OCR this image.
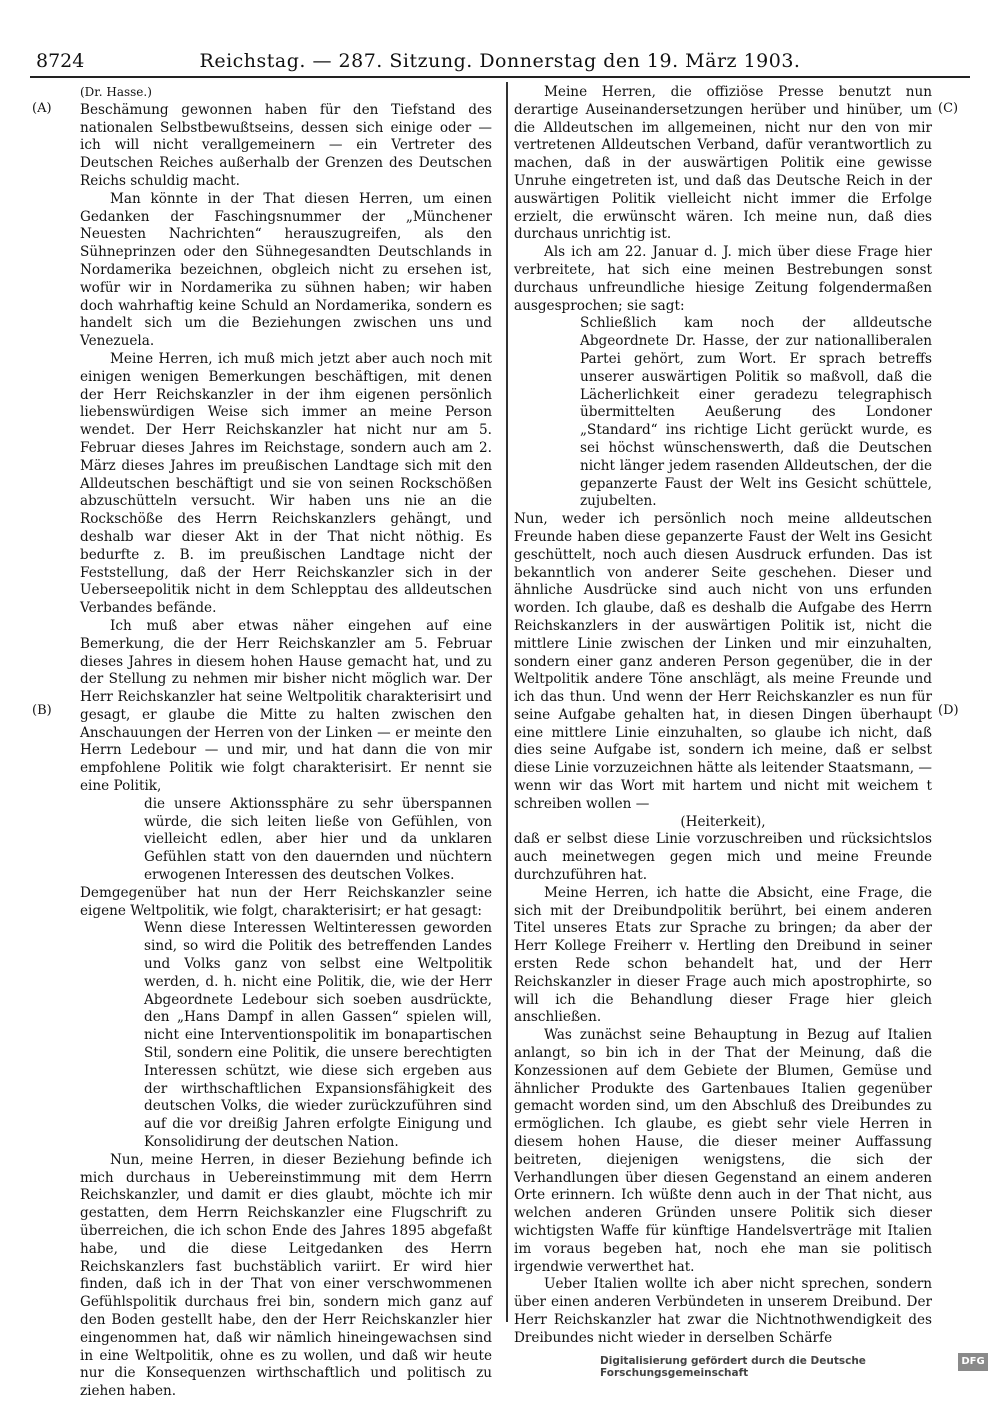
8724	Reichstag. — 287. Sitzung. Donnerstag den 19. März 1903.
(A)
(B)
(C)
(D)

(Dr. Hasse.)

Beschämung gewonnen haben für den Tiefstand des nationalen Selbstbewußtseins, dessen sich einige oder — ich will nicht verallgemeinern — ein Vertreter des Deutschen Reiches außerhalb der Grenzen des Deutschen Reichs schuldig macht.

Man könnte in der That diesen Herren, um einen Gedanken der Faschingsnummer der „Münchener Neuesten Nachrichten“ herauszugreifen, als den Sühneprinzen oder den Sühnegesandten Deutschlands in Nordamerika bezeichnen, obgleich nicht zu ersehen ist, wofür wir in Nordamerika zu sühnen haben; wir haben doch wahrhaftig keine Schuld an Nordamerika, sondern es handelt sich um die Beziehungen zwischen uns und Venezuela.

Meine Herren, ich muß mich jetzt aber auch noch mit einigen wenigen Bemerkungen beschäftigen, mit denen der Herr Reichskanzler in der ihm eigenen persönlich liebenswürdigen Weise sich immer an meine Person wendet. Der Herr Reichskanzler hat nicht nur am 5. Februar dieses Jahres im Reichstage, sondern auch am 2. März dieses Jahres im preußischen Landtage sich mit den Alldeutschen beschäftigt und sie von seinen Rockschößen abzuschütteln versucht. Wir haben uns nie an die Rockschöße des Herrn Reichskanzlers gehängt, und deshalb war dieser Akt in der That nicht nöthig. Es bedurfte z. B. im preußischen Landtage nicht der Feststellung, daß der Herr Reichskanzler sich in der Ueberseepolitik nicht in dem Schlepptau des alldeutschen Verbandes befände.

Ich muß aber etwas näher eingehen auf eine Bemerkung, die der Herr Reichskanzler am 5. Februar dieses Jahres in diesem hohen Hause gemacht hat, und zu der Stellung zu nehmen mir bisher nicht möglich war. Der Herr Reichskanzler hat seine Weltpolitik charakterisirt und gesagt, er glaube die Mitte zu halten zwischen den Anschauungen der Herren von der Linken — er meinte den Herrn Ledebour — und mir, und hat dann die von mir empfohlene Politik wie folgt charakterisirt. Er nennt sie eine Politik,

die unsere Aktionssphäre zu sehr überspannen würde, die sich leiten ließe von Gefühlen, von vielleicht edlen, aber hier und da unklaren Gefühlen statt von den dauernden und nüchtern erwogenen Interessen des deutschen Volkes.

Demgegenüber hat nun der Herr Reichskanzler seine eigene Weltpolitik, wie folgt, charakterisirt; er hat gesagt:

Wenn diese Interessen Weltinteressen geworden sind, so wird die Politik des betreffenden Landes und Volks ganz von selbst eine Weltpolitik werden, d. h. nicht eine Politik, die, wie der Herr Abgeordnete Ledebour sich soeben ausdrückte, den „Hans Dampf in allen Gassen“ spielen will, nicht eine Interventionspolitik im bonapartischen Stil, sondern eine Politik, die unsere berechtigten Interessen schützt, wie diese sich ergeben aus der wirthschaftlichen Expansionsfähigkeit des deutschen Volks, die wieder zurückzuführen sind auf die vor dreißig Jahren erfolgte Einigung und Konsolidirung der deutschen Nation.

Nun, meine Herren, in dieser Beziehung befinde ich mich durchaus in Uebereinstimmung mit dem Herrn Reichskanzler, und damit er dies glaubt, möchte ich mir gestatten, dem Herrn Reichskanzler eine Flugschrift zu überreichen, die ich schon Ende des Jahres 1895 abgefaßt habe, und die diese Leitgedanken des Herrn Reichskanzlers fast buchstäblich variirt. Er wird hier finden, daß ich in der That von einer verschwommenen Gefühlspolitik durchaus frei bin, sondern mich ganz auf den Boden gestellt habe, den der Herr Reichskanzler hier eingenommen hat, daß wir nämlich hineingewachsen sind in eine Weltpolitik, ohne es zu wollen, und daß wir heute nur die Konsequenzen wirthschaftlich und politisch zu ziehen haben.

Meine Herren, die offiziöse Presse benutzt nun derartige Auseinandersetzungen herüber und hinüber, um die Alldeutschen im allgemeinen, nicht nur den von mir vertretenen Alldeutschen Verband, dafür verantwortlich zu machen, daß in der auswärtigen Politik eine gewisse Unruhe eingetreten ist, und daß das Deutsche Reich in der auswärtigen Politik vielleicht nicht immer die Erfolge erzielt, die erwünscht wären. Ich meine nun, daß dies durchaus unrichtig ist.

Als ich am 22. Januar d. J. mich über diese Frage hier verbreitete, hat sich eine meinen Bestrebungen sonst durchaus unfreundliche hiesige Zeitung folgendermaßen ausgesprochen; sie sagt:

Schließlich kam noch der alldeutsche Abgeordnete Dr. Hasse, der zur nationalliberalen Partei gehört, zum Wort. Er sprach betreffs unserer auswärtigen Politik so maßvoll, daß die Lächerlichkeit einer geradezu telegraphisch übermittelten Aeußerung des Londoner „Standard“ ins richtige Licht gerückt wurde, es sei höchst wünschenswerth, daß die Deutschen nicht länger jedem rasenden Alldeutschen, der die gepanzerte Faust der Welt ins Gesicht schüttele, zujubelten.

Nun, weder ich persönlich noch meine alldeutschen Freunde haben diese gepanzerte Faust der Welt ins Gesicht geschüttelt, noch auch diesen Ausdruck erfunden. Das ist bekanntlich von anderer Seite geschehen. Dieser und ähnliche Ausdrücke sind auch nicht von uns erfunden worden. Ich glaube, daß es deshalb die Aufgabe des Herrn Reichskanzlers in der auswärtigen Politik ist, nicht die mittlere Linie zwischen der Linken und mir einzuhalten, sondern einer ganz anderen Person gegenüber, die in der Weltpolitik andere Töne anschlägt, als meine Freunde und ich das thun. Und wenn der Herr Reichskanzler es nun für seine Aufgabe gehalten hat, in diesen Dingen überhaupt eine mittlere Linie einzuhalten, so glaube ich nicht, daß dies seine Aufgabe ist, sondern ich meine, daß er selbst diese Linie vorzuzeichnen hätte als leitender Staatsmann, — wenn wir das Wort mit hartem und nicht mit weichem t schreiben wollen —

(Heiterkeit),

daß er selbst diese Linie vorzuschreiben und rücksichtslos auch meinetwegen gegen mich und meine Freunde durchzuführen hat.

Meine Herren, ich hatte die Absicht, eine Frage, die sich mit der Dreibundpolitik berührt, bei einem anderen Titel unseres Etats zur Sprache zu bringen; da aber der Herr Kollege Freiherr v. Hertling den Dreibund in seiner ersten Rede schon behandelt hat, und der Herr Reichskanzler in dieser Frage auch mich apostrophirte, so will ich die Behandlung dieser Frage hier gleich anschließen.

Was zunächst seine Behauptung in Bezug auf Italien anlangt, so bin ich in der That der Meinung, daß die Konzessionen auf dem Gebiete der Blumen, Gemüse und ähnlicher Produkte des Gartenbaues Italien gegenüber gemacht worden sind, um den Abschluß des Dreibundes zu ermöglichen. Ich glaube, es giebt sehr viele Herren in diesem hohen Hause, die dieser meiner Auffassung beitreten, diejenigen wenigstens, die sich der Verhandlungen über diesen Gegenstand an einem anderen Orte erinnern. Ich wüßte denn auch in der That nicht, aus welchen anderen Gründen unsere Politik sich dieser wichtigsten Waffe für künftige Handelsverträge mit Italien im voraus begeben hat, noch ehe man sie politisch irgendwie verwerthet hat.

Ueber Italien wollte ich aber nicht sprechen, sondern über einen anderen Verbündeten in unserem Dreibund. Der Herr Reichskanzler hat zwar die Nichtnothwendigkeit des Dreibundes nicht wieder in derselben Schärfe

Digitalisierung gefördert durch die Deutsche Forschungsgemeinschaft
DFG
